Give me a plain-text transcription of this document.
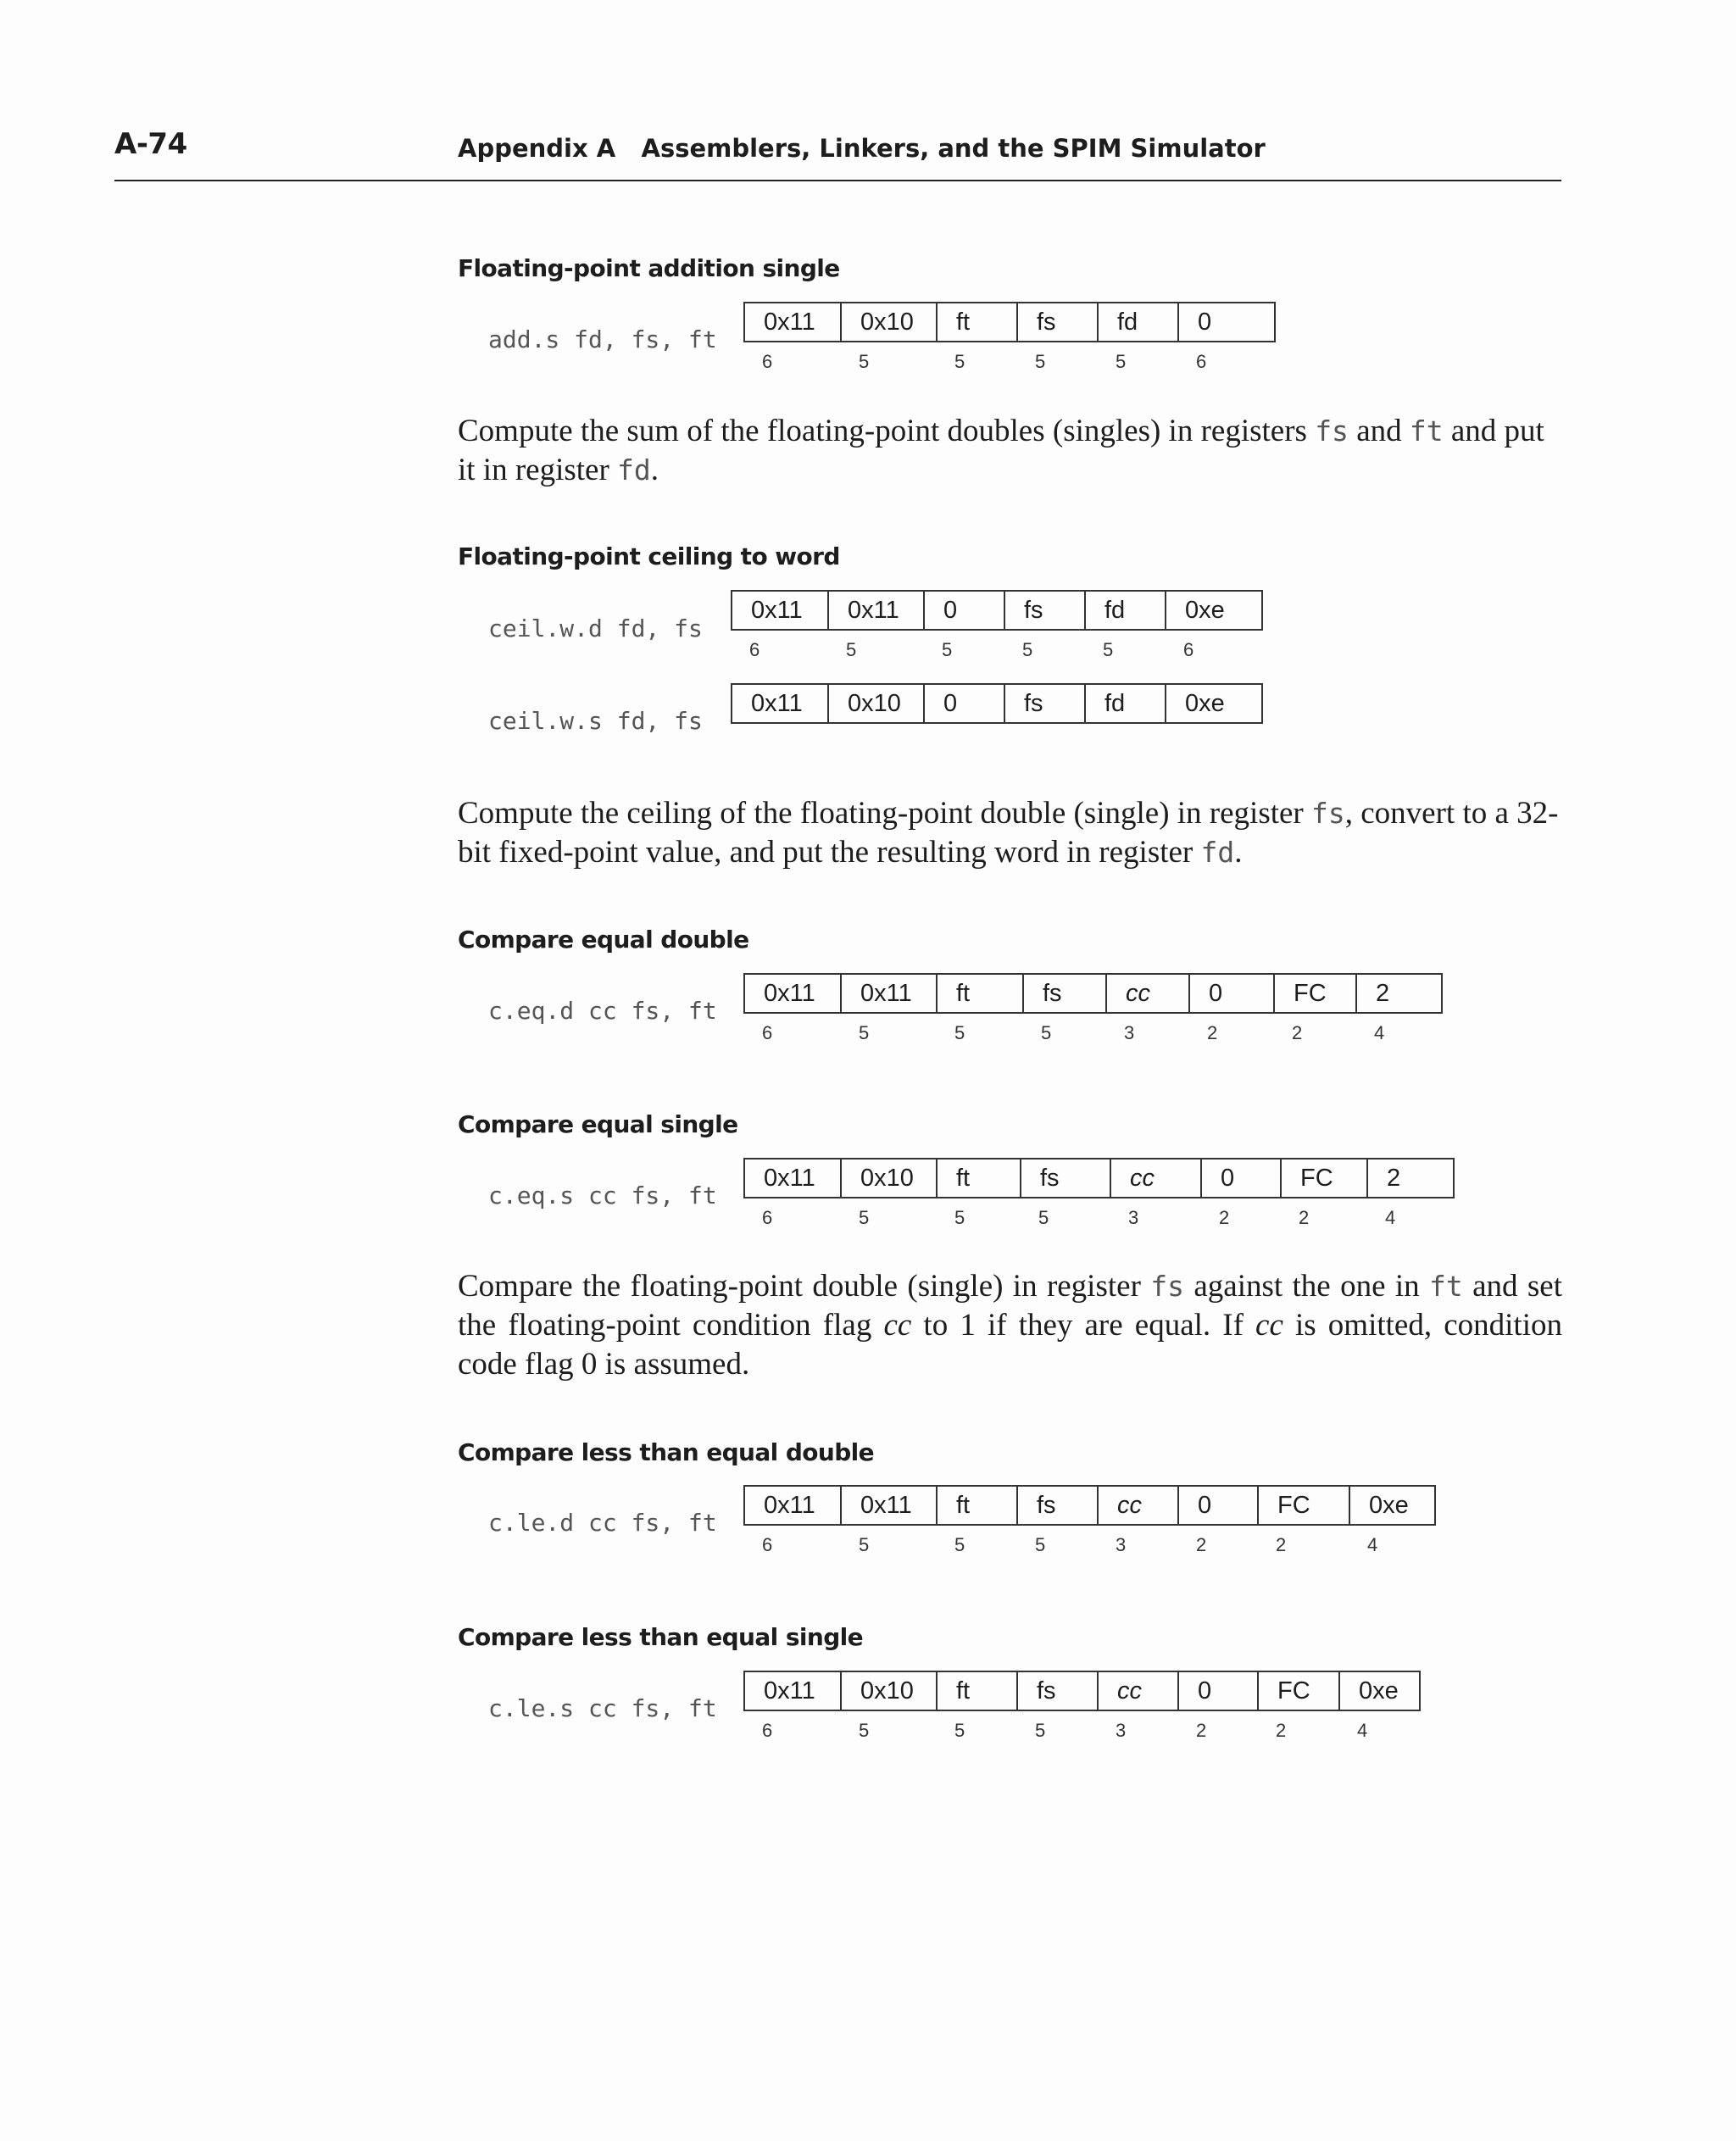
A-74	Appendix A   Assemblers, Linkers, and the SPIM Simulator
Floating-point addition single
add.s fd, fs, ft
0x11	0x10	ft	fs	fd	0
6	5	5	5	5	6
Compute the sum of the floating-point doubles (singles) in registers fs and ft and put it in register fd.
Floating-point ceiling to word
ceil.w.d fd, fs
0x11	0x11	0	fs	fd	0xe
6	5	5	5	5	6
ceil.w.s fd, fs
0x11	0x10	0	fs	fd	0xe
Compute the ceiling of the floating-point double (single) in register fs, convert to a 32-bit fixed-point value, and put the resulting word in register fd.
Compare equal double
c.eq.d cc fs, ft
0x11	0x11	ft	fs	cc	0	FC	2
6	5	5	5	3	2	2	4
Compare equal single
c.eq.s cc fs, ft
0x11	0x10	ft	fs	cc	0	FC	2
6	5	5	5	3	2	2	4
Compare the floating-point double (single) in register fs against the one in ft and set the floating-point condition flag cc to 1 if they are equal. If cc is omitted, condition code flag 0 is assumed.
Compare less than equal double
c.le.d cc fs, ft
0x11	0x11	ft	fs	cc	0	FC	0xe
6	5	5	5	3	2	2	4
Compare less than equal single
c.le.s cc fs, ft
0x11	0x10	ft	fs	cc	0	FC	0xe
6	5	5	5	3	2	2	4
